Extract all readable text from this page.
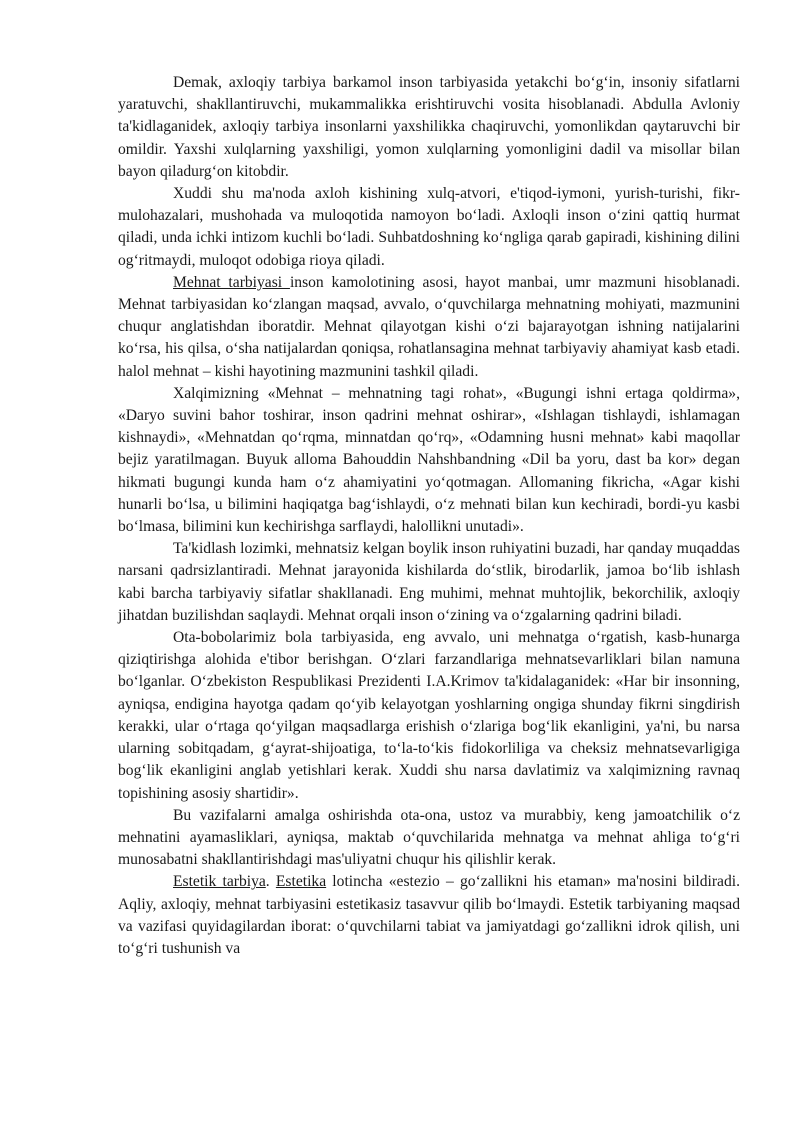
Demak, axloqiy tarbiya barkamol inson tarbiyasida yetakchi bo‘g‘in, insoniy sifatlarni yaratuvchi, shakllantiruvchi, mukammalikka erishtiruvchi vosita hisoblanadi. Abdulla Avloniy ta'kidlaganidek, axloqiy tarbiya insonlarni yaxshilikka chaqiruvchi, yomonlikdan qaytaruvchi bir omildir. Yaxshi xulqlarning yaxshiligi, yomon xulqlarning yomonligini dadil va misollar bilan bayon qiladurg‘on kitobdir.

Xuddi shu ma'noda axloh kishining xulq-atvori, e'tiqod-iymoni, yurish-turishi, fikr-mulohazalari, mushohada va muloqotida namoyon bo‘ladi. Axloqli inson o‘zini qattiq hurmat qiladi, unda ichki intizom kuchli bo‘ladi. Suhbatdoshning ko‘ngliga qarab gapiradi, kishining dilini og‘ritmaydi, muloqot odobiga rioya qiladi.

Mehnat tarbiyasi inson kamolotining asosi, hayot manbai, umr mazmuni hisoblanadi. Mehnat tarbiyasidan ko‘zlangan maqsad, avvalo, o‘quvchilarga mehnatning mohiyati, mazmunini chuqur anglatishdan iboratdir. Mehnat qilayotgan kishi o‘zi bajarayotgan ishning natijalarini ko‘rsa, his qilsa, o‘sha natijalardan qoniqsa, rohatlansagina mehnat tarbiyaviy ahamiyat kasb etadi. halol mehnat – kishi hayotining mazmunini tashkil qiladi.

Xalqimizning «Mehnat – mehnatning tagi rohat», «Bugungi ishni ertaga qoldirma», «Daryo suvini bahor toshirar, inson qadrini mehnat oshirar», «Ishlagan tishlaydi, ishlamagan kishnaydi», «Mehnatdan qo‘rqma, minnatdan qo‘rq», «Odamning husni mehnat» kabi maqollar bejiz yaratilmagan. Buyuk alloma Bahouddin Nahshbandning «Dil ba yoru, dast ba kor» degan hikmati bugungi kunda ham o‘z ahamiyatini yo‘qotmagan. Allomaning fikricha, «Agar kishi hunarli bo‘lsa, u bilimini haqiqatga bag‘ishlaydi, o‘z mehnati bilan kun kechiradi, bordi-yu kasbi bo‘lmasa, bilimini kun kechirishga sarflaydi, halollikni unutadi».

Ta'kidlash lozimki, mehnatsiz kelgan boylik inson ruhiyatini buzadi, har qanday muqaddas narsani qadrsizlantiradi. Mehnat jarayonida kishilarda do‘stlik, birodarlik, jamoa bo‘lib ishlash kabi barcha tarbiyaviy sifatlar shakllanadi. Eng muhimi, mehnat muhtojlik, bekorchilik, axloqiy jihatdan buzilishdan saqlaydi. Mehnat orqali inson o‘zining va o‘zgalarning qadrini biladi.

Ota-bobolarimiz bola tarbiyasida, eng avvalo, uni mehnatga o‘rgatish, kasb-hunarga qiziqtirishga alohida e'tibor berishgan. O‘zlari farzandlariga mehnatsevarliklari bilan namuna bo‘lganlar. O‘zbekiston Respublikasi Prezidenti I.A.Krimov ta'kidalaganidek: «Har bir insonning, ayniqsa, endigina hayotga qadam qo‘yib kelayotgan yoshlarning ongiga shunday fikrni singdirish kerakki, ular o‘rtaga qo‘yilgan maqsadlarga erishish o‘zlariga bog‘lik ekanligini, ya'ni, bu narsa ularning sobitqadam, g‘ayrat-shijoatiga, to‘la-to‘kis fidokorliliga va cheksiz mehnatsevarligiga bog‘lik ekanligini anglab yetishlari kerak. Xuddi shu narsa davlatimiz va xalqimizning ravnaq topishining asosiy shartidir».

Bu vazifalarni amalga oshirishda ota-ona, ustoz va murabbiy, keng jamoatchilik o‘z mehnatini ayamasliklari, ayniqsa, maktab o‘quvchilarida mehnatga va mehnat ahliga to‘g‘ri munosabatni shakllantirishdagi mas'uliyatni chuqur his qilishlir kerak.

Estetik tarbiya. Estetika lotincha «estezio – go‘zallikni his etaman» ma'nosini bildiradi. Aqliy, axloqiy, mehnat tarbiyasini estetikasiz tasavvur qilib bo‘lmaydi. Estetik tarbiyaning maqsad va vazifasi quyidagilardan iborat: o‘quvchilarni tabiat va jamiyatdagi go‘zallikni idrok qilish, uni to‘g‘ri tushunish va
